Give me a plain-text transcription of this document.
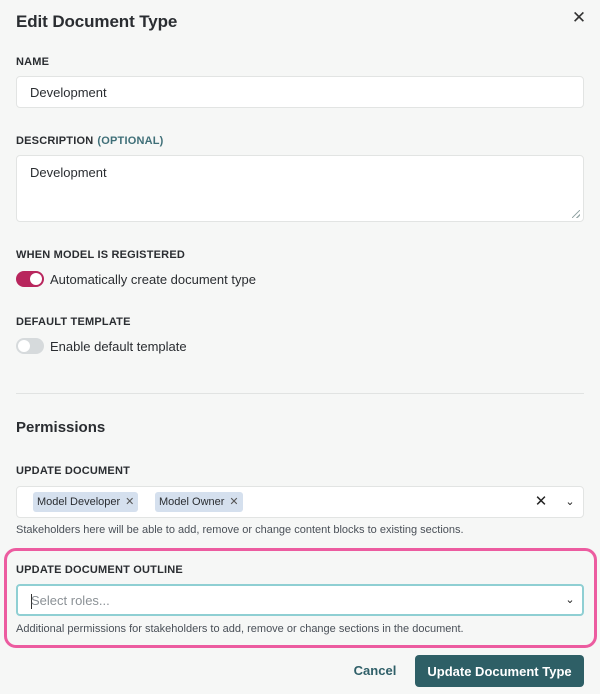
Edit Document Type	✕
NAME
Development
DESCRIPTION (OPTIONAL)
Development
WHEN MODEL IS REGISTERED
Automatically create document type
DEFAULT TEMPLATE
Enable default template
Permissions
UPDATE DOCUMENT
Model Developer ✕ Model Owner ✕	✕ ⌄
Stakeholders here will be able to add, remove or change content blocks to existing sections.
UPDATE DOCUMENT OUTLINE
Select roles...	⌄
Additional permissions for stakeholders to add, remove or change sections in the document.
Cancel	Update Document Type
